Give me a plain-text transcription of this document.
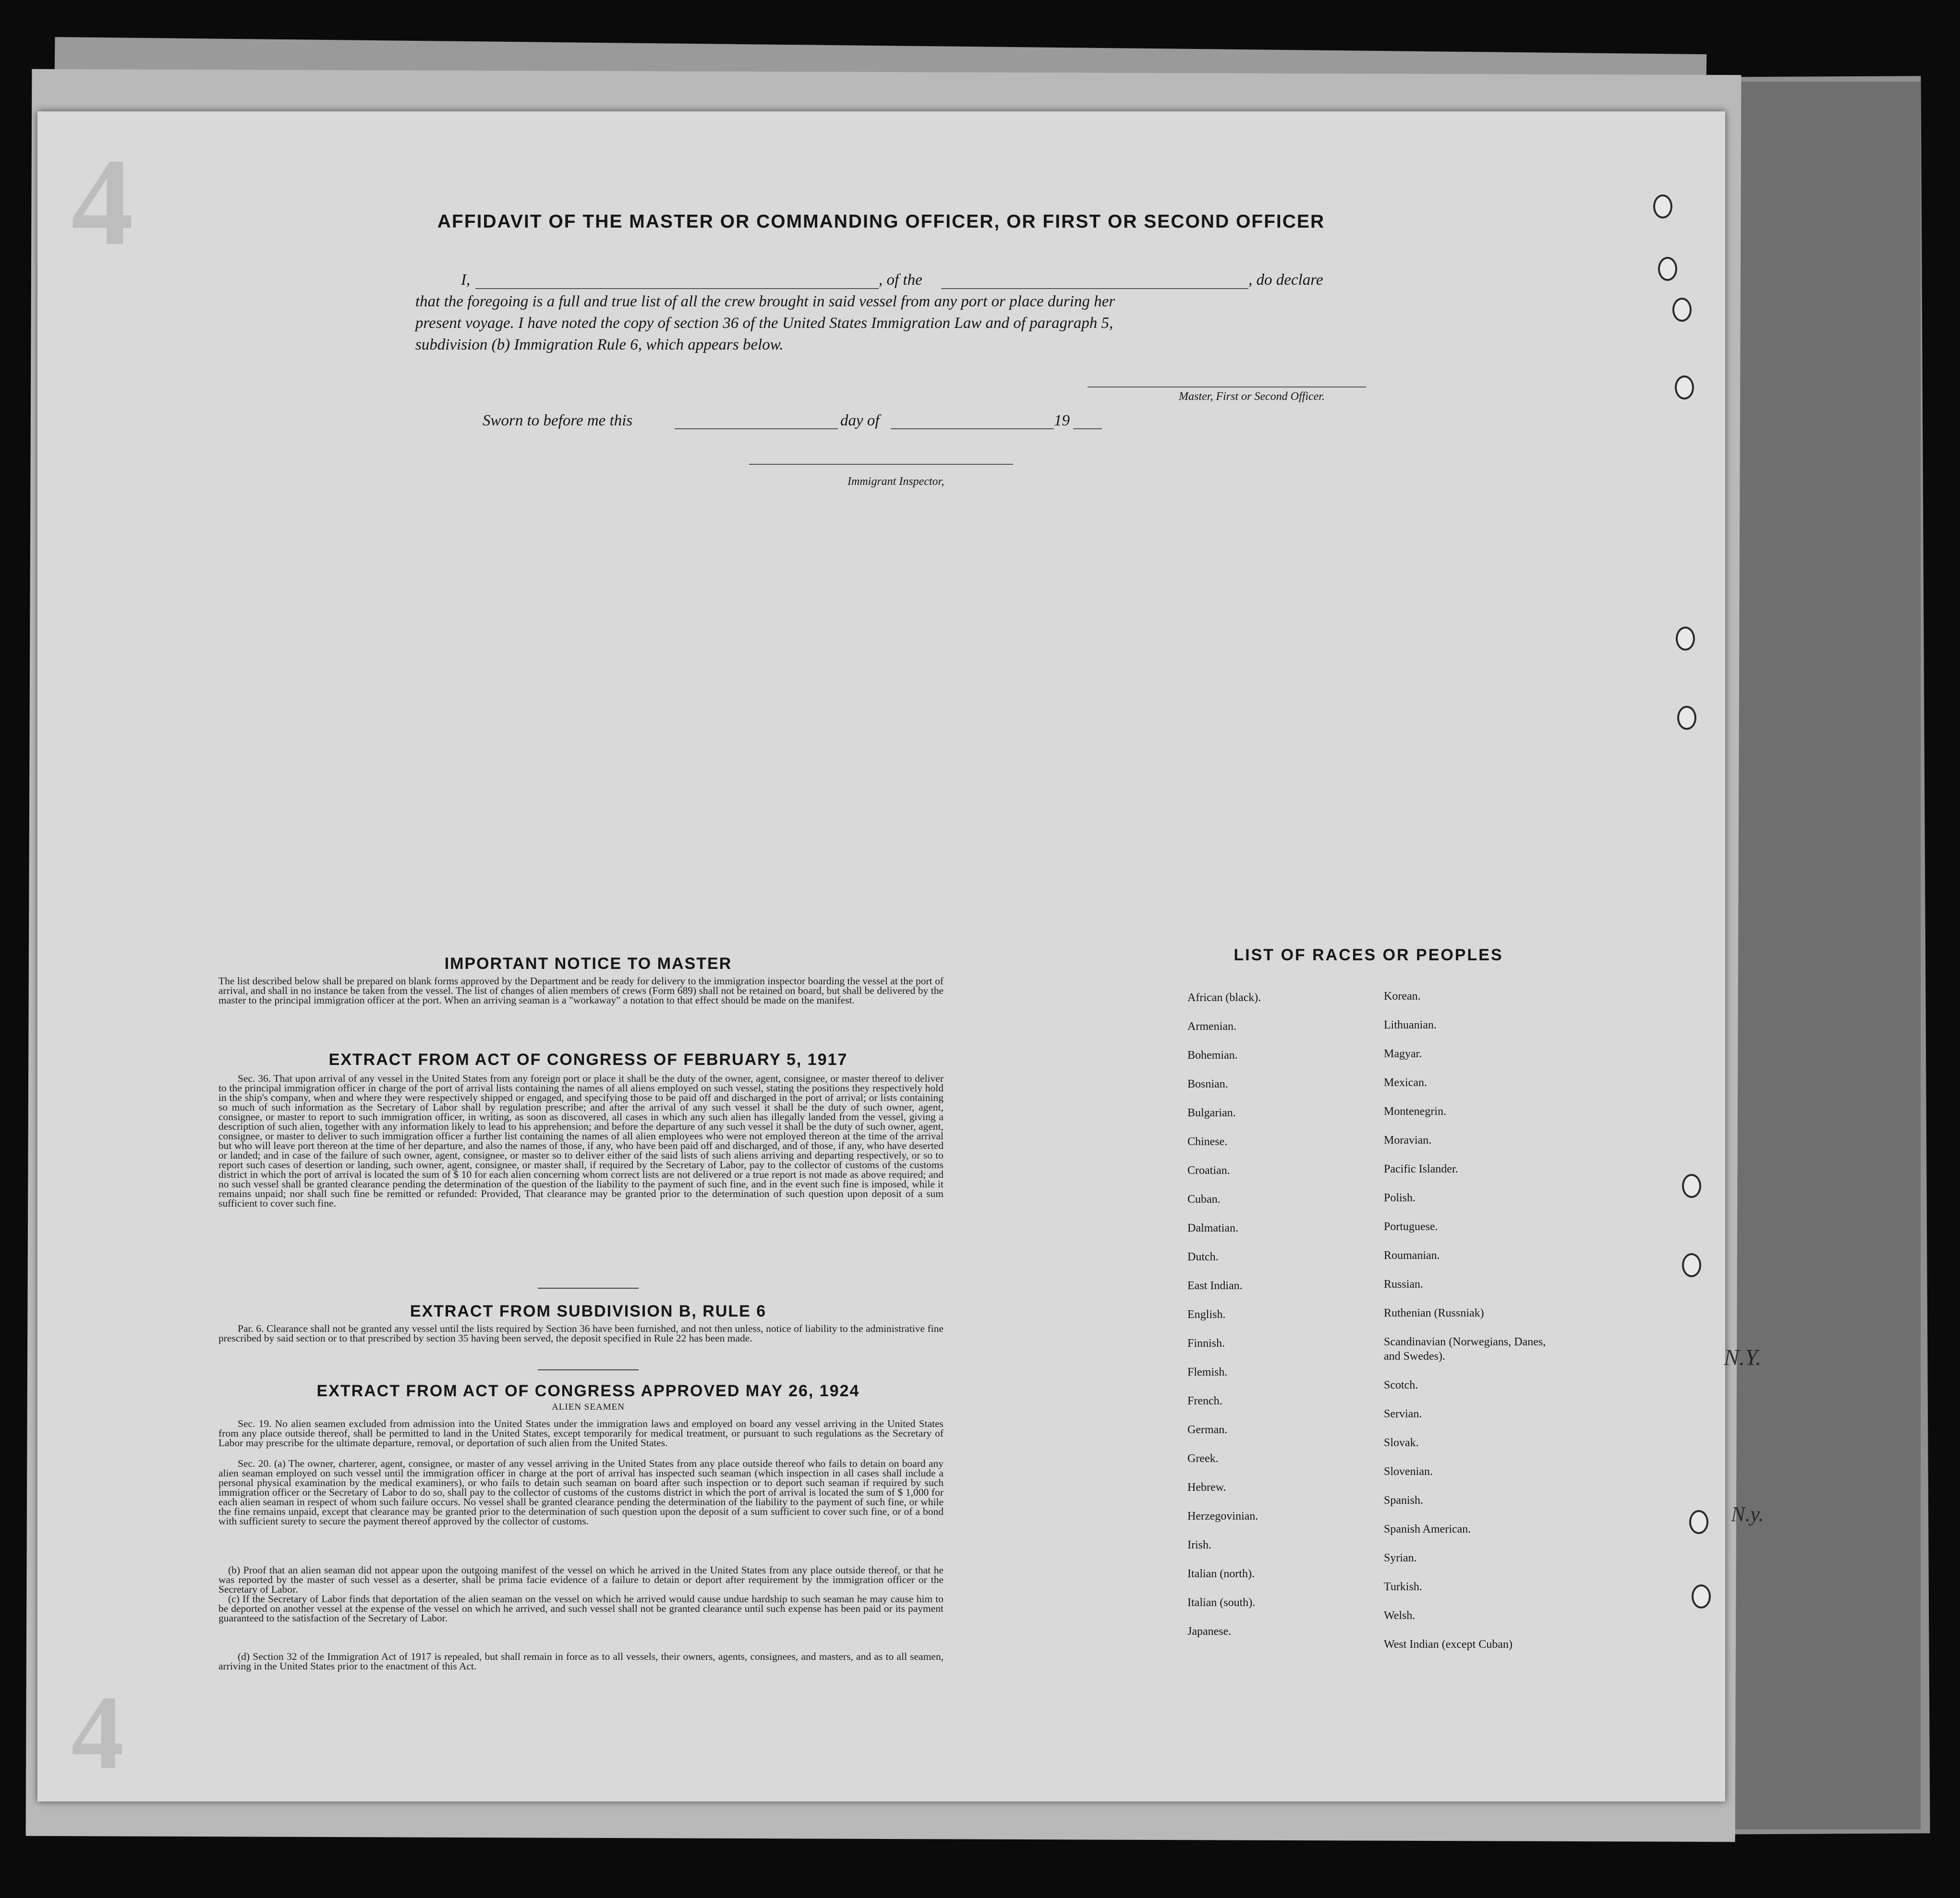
4
4
AFFIDAVIT OF THE MASTER OR COMMANDING OFFICER, OR FIRST OR SECOND OFFICER
I,	, of the	, do declare
that the foregoing is a full and true list of all the crew brought in said vessel from any port or place during her
present voyage. I have noted the copy of section 36 of the United States Immigration Law and of paragraph 5,
subdivision (b) Immigration Rule 6, which appears below.
Master, First or Second Officer.
Sworn to before me this	day of	19
Immigrant Inspector,
IMPORTANT NOTICE TO MASTER
The list described below shall be prepared on blank forms approved by the Department and be ready for delivery to the immigration inspector boarding the vessel at the port of arrival, and shall in no instance be taken from the vessel. The list of changes of alien members of crews (Form 689) shall not be retained on board, but shall be delivered by the master to the principal immigration officer at the port. When an arriving seaman is a "workaway" a notation to that effect should be made on the manifest.
EXTRACT FROM ACT OF CONGRESS OF FEBRUARY 5, 1917
Sec. 36. That upon arrival of any vessel in the United States from any foreign port or place it shall be the duty of the owner, agent, consignee, or master thereof to deliver to the principal immigration officer in charge of the port of arrival lists containing the names of all aliens employed on such vessel, stating the positions they respectively hold in the ship's company, when and where they were respectively shipped or engaged, and specifying those to be paid off and discharged in the port of arrival; or lists containing so much of such information as the Secretary of Labor shall by regulation prescribe; and after the arrival of any such vessel it shall be the duty of such owner, agent, consignee, or master to report to such immigration officer, in writing, as soon as discovered, all cases in which any such alien has illegally landed from the vessel, giving a description of such alien, together with any information likely to lead to his apprehension; and before the departure of any such vessel it shall be the duty of such owner, agent, consignee, or master to deliver to such immigration officer a further list containing the names of all alien employees who were not employed thereon at the time of the arrival but who will leave port thereon at the time of her departure, and also the names of those, if any, who have been paid off and discharged, and of those, if any, who have deserted or landed; and in case of the failure of such owner, agent, consignee, or master so to deliver either of the said lists of such aliens arriving and departing respectively, or so to report such cases of desertion or landing, such owner, agent, consignee, or master shall, if required by the Secretary of Labor, pay to the collector of customs of the customs district in which the port of arrival is located the sum of $ 10 for each alien concerning whom correct lists are not delivered or a true report is not made as above required; and no such vessel shall be granted clearance pending the determination of the question of the liability to the payment of such fine, and in the event such fine is imposed, while it remains unpaid; nor shall such fine be remitted or refunded: Provided, That clearance may be granted prior to the determination of such question upon deposit of a sum sufficient to cover such fine.
EXTRACT FROM SUBDIVISION B, RULE 6
Par. 6. Clearance shall not be granted any vessel until the lists required by Section 36 have been furnished, and not then unless, notice of liability to the administrative fine prescribed by said section or to that prescribed by section 35 having been served, the deposit specified in Rule 22 has been made.
EXTRACT FROM ACT OF CONGRESS APPROVED MAY 26, 1924
ALIEN SEAMEN
Sec. 19. No alien seamen excluded from admission into the United States under the immigration laws and employed on board any vessel arriving in the United States from any place outside thereof, shall be permitted to land in the United States, except temporarily for medical treatment, or pursuant to such regulations as the Secretary of Labor may prescribe for the ultimate departure, removal, or deportation of such alien from the United States.
Sec. 20. (a) The owner, charterer, agent, consignee, or master of any vessel arriving in the United States from any place outside thereof who fails to detain on board any alien seaman employed on such vessel until the immigration officer in charge at the port of arrival has inspected such seaman (which inspection in all cases shall include a personal physical examination by the medical examiners), or who fails to detain such seaman on board after such inspection or to deport such seaman if required by such immigration officer or the Secretary of Labor to do so, shall pay to the collector of customs of the customs district in which the port of arrival is located the sum of $ 1,000 for each alien seaman in respect of whom such failure occurs. No vessel shall be granted clearance pending the determination of the liability to the payment of such fine, or while the fine remains unpaid, except that clearance may be granted prior to the determination of such question upon the deposit of a sum sufficient to cover such fine, or of a bond with sufficient surety to secure the payment thereof approved by the collector of customs.
(b) Proof that an alien seaman did not appear upon the outgoing manifest of the vessel on which he arrived in the United States from any place outside thereof, or that he was reported by the master of such vessel as a deserter, shall be prima facie evidence of a failure to detain or deport after requirement by the immigration officer or the Secretary of Labor.
(c) If the Secretary of Labor finds that deportation of the alien seaman on the vessel on which he arrived would cause undue hardship to such seaman he may cause him to be deported on another vessel at the expense of the vessel on which he arrived, and such vessel shall not be granted clearance until such expense has been paid or its payment guaranteed to the satisfaction of the Secretary of Labor.
(d) Section 32 of the Immigration Act of 1917 is repealed, but shall remain in force as to all vessels, their owners, agents, consignees, and masters, and as to all seamen, arriving in the United States prior to the enactment of this Act.
LIST OF RACES OR PEOPLES
African (black).
Armenian.
Bohemian.
Bosnian.
Bulgarian.
Chinese.
Croatian.
Cuban.
Dalmatian.
Dutch.
East Indian.
English.
Finnish.
Flemish.
French.
German.
Greek.
Hebrew.
Herzegovinian.
Irish.
Italian (north).
Italian (south).
Japanese.
Korean.
Lithuanian.
Magyar.
Mexican.
Montenegrin.
Moravian.
Pacific Islander.
Polish.
Portuguese.
Roumanian.
Russian.
Ruthenian (Russniak)
Scandinavian (Norwegians, Danes, and Swedes).
Scotch.
Servian.
Slovak.
Slovenian.
Spanish.
Spanish American.
Syrian.
Turkish.
Welsh.
West Indian (except Cuban)
N.Y.
N.y.
